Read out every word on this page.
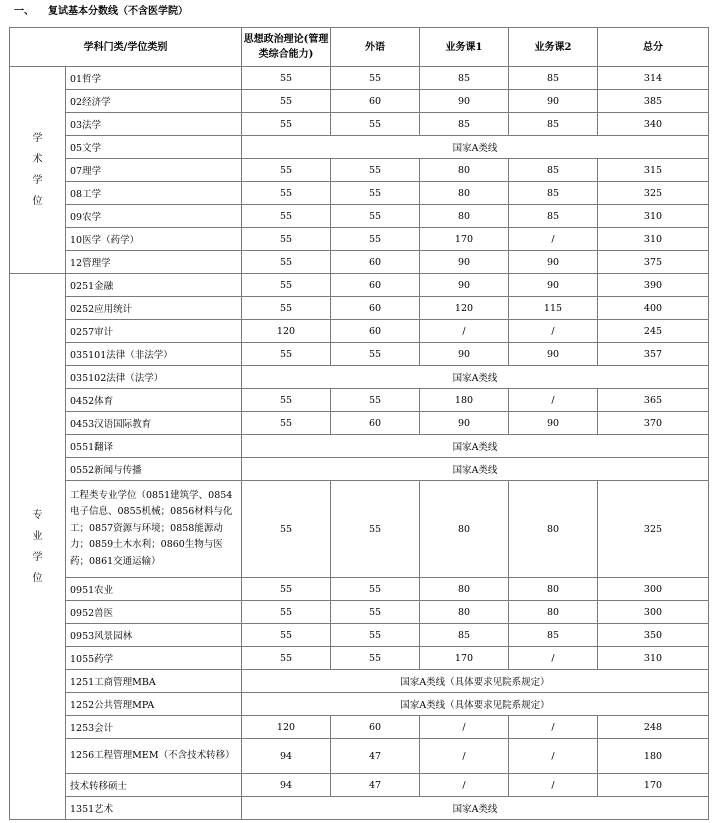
一、 复试基本分数线（不含医学院）
学科门类/学位类别		思想政治理论(管理类综合能力)	外语	业务课1	业务课2	总分
学术学位	01哲学	55	55	85	85	314
	02经济学	55	60	90	90	385
	03法学	55	55	85	85	340
	05文学	国家A类线				
	07理学	55	55	80	85	315
	08工学	55	55	80	85	325
	09农学	55	55	80	85	310
	10医学（药学）	55	55	170	/	310
	12管理学	55	60	90	90	375
专业学位	0251金融	55	60	90	90	390
	0252应用统计	55	60	120	115	400
	0257审计	120	60	/	/	245
	035101法律（非法学）	55	55	90	90	357
	035102法律（法学）	国家A类线				
	0452体育	55	55	180	/	365
	0453汉语国际教育	55	60	90	90	370
	0551翻译	国家A类线				
	0552新闻与传播	国家A类线				
	工程类专业学位（0851建筑学、0854电子信息、0855机械；0856材料与化工；0857资源与环境；0858能源动力；0859土木水利；0860生物与医药；0861交通运输）	55	55	80	80	325
	0951农业	55	55	80	80	300
	0952兽医	55	55	80	80	300
	0953风景园林	55	55	85	85	350
	1055药学	55	55	170	/	310
	1251工商管理MBA	国家A类线（具体要求见院系规定）				
	1252公共管理MPA	国家A类线（具体要求见院系规定）				
	1253会计	120	60	/	/	248
	1256工程管理MEM（不含技术转移）	94	47	/	/	180
	技术转移硕士	94	47	/	/	170
	1351艺术	国家A类线				
